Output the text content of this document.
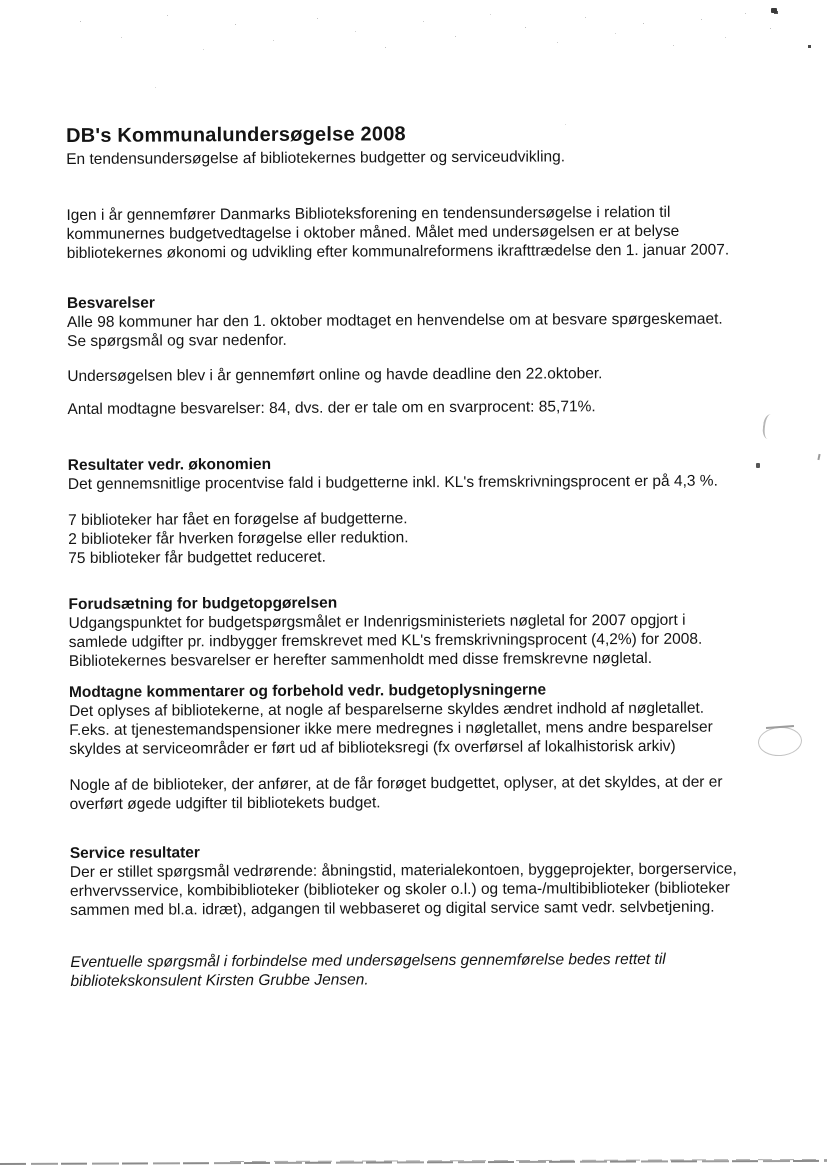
DB's Kommunalundersøgelse 2008

En tendensundersøgelse af bibliotekernes budgetter og serviceudvikling.

Igen i år gennemfører Danmarks Biblioteksforening en tendensundersøgelse i relation til
kommunernes budgetvedtagelse i oktober måned. Målet med undersøgelsen er at belyse
bibliotekernes økonomi og udvikling efter kommunalreformens ikrafttrædelse den 1. januar 2007.

Besvarelser

Alle 98 kommuner har den 1. oktober modtaget en henvendelse om at besvare spørgeskemaet.
Se spørgsmål og svar nedenfor.

Undersøgelsen blev i år gennemført online og havde deadline den 22.oktober.

Antal modtagne besvarelser: 84, dvs. der er tale om en svarprocent: 85,71%.

Resultater vedr. økonomien

Det gennemsnitlige procentvise fald i budgetterne inkl. KL's fremskrivningsprocent er på 4,3 %.

7 biblioteker har fået en forøgelse af budgetterne.
2 biblioteker får hverken forøgelse eller reduktion.
75 biblioteker får budgettet reduceret.

Forudsætning for budgetopgørelsen

Udgangspunktet for budgetspørgsmålet er Indenrigsministeriets nøgletal for 2007 opgjort i
samlede udgifter pr. indbygger fremskrevet med KL's fremskrivningsprocent (4,2%) for 2008.
Bibliotekernes besvarelser er herefter sammenholdt med disse fremskrevne nøgletal.

Modtagne kommentarer og forbehold vedr. budgetoplysningerne

Det oplyses af bibliotekerne, at nogle af besparelserne skyldes ændret indhold af nøgletallet.
F.eks. at tjenestemandspensioner ikke mere medregnes i nøgletallet, mens andre besparelser
skyldes at serviceområder er ført ud af biblioteksregi (fx overførsel af lokalhistorisk arkiv)

Nogle af de biblioteker, der anfører, at de får forøget budgettet, oplyser, at det skyldes, at der er
overført øgede udgifter til bibliotekets budget.

Service resultater

Der er stillet spørgsmål vedrørende: åbningstid, materialekontoen, byggeprojekter, borgerservice,
erhvervsservice, kombibiblioteker (biblioteker og skoler o.l.) og tema-/multibiblioteker (biblioteker
sammen med bl.a. idræt), adgangen til webbaseret og digital service samt vedr. selvbetjening.

Eventuelle spørgsmål i forbindelse med undersøgelsens gennemførelse bedes rettet til
bibliotekskonsulent Kirsten Grubbe Jensen.
